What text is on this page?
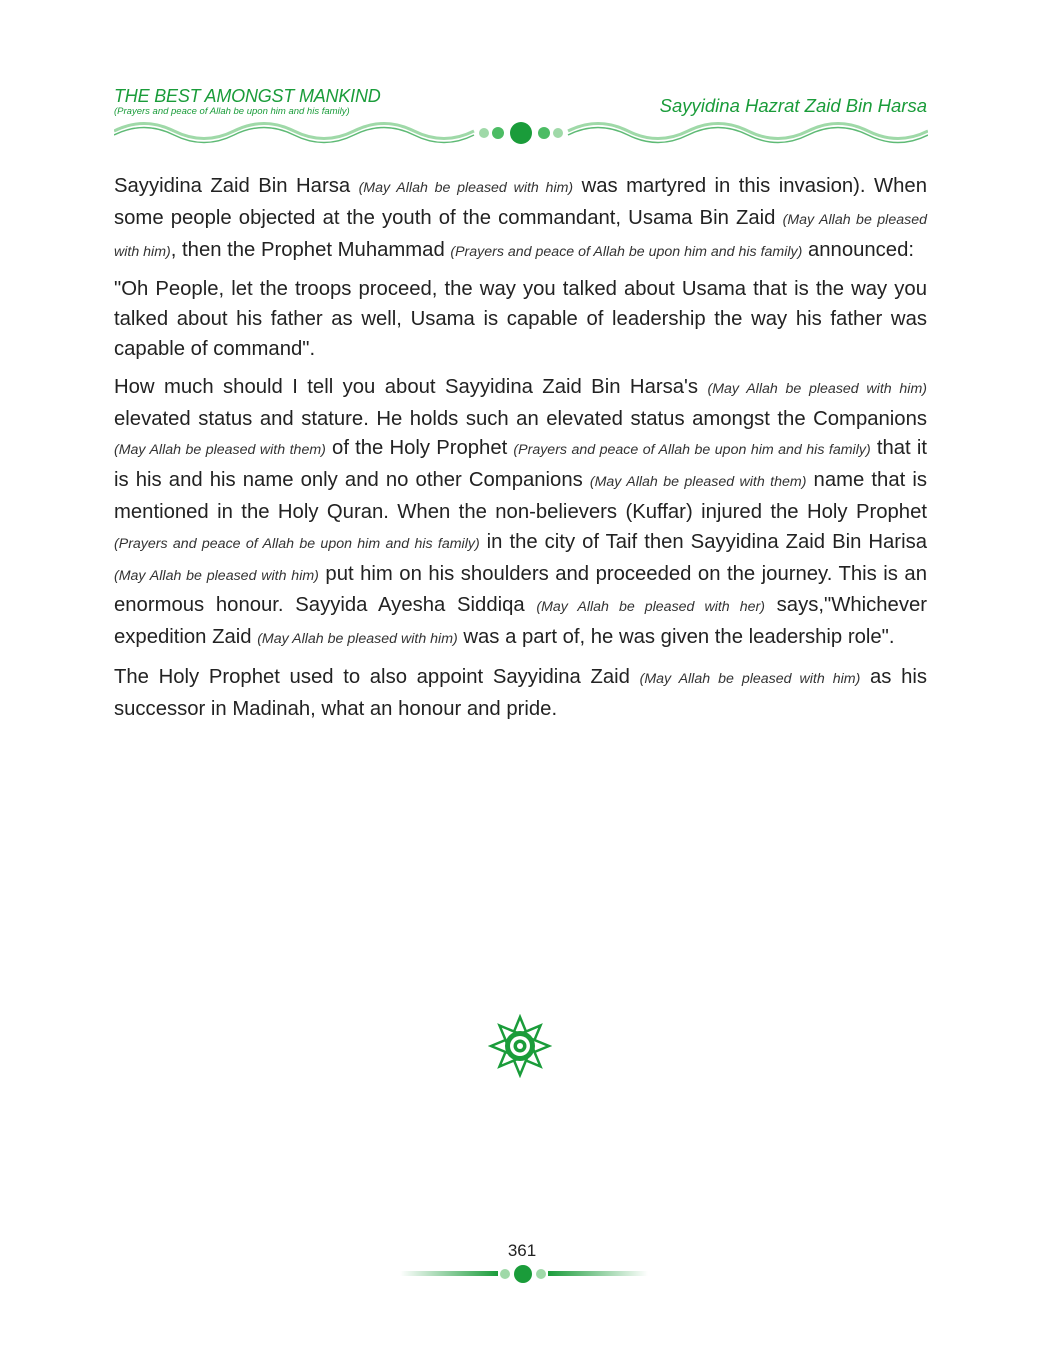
THE BEST AMONGST MANKIND
(Prayers and peace of Allah be upon him and his family)	Sayyidina Hazrat Zaid Bin Harsa

Sayyidina Zaid Bin Harsa (May Allah be pleased with him) was martyred in this invasion). When some people objected at the youth of the commandant, Usama Bin Zaid (May Allah be pleased with him), then the Prophet Muhammad (Prayers and peace of Allah be upon him and his family) announced:

"Oh People, let the troops proceed, the way you talked about Usama that is the way you talked about his father as well, Usama is capable of leadership the way his father was capable of command".

How much should I tell you about Sayyidina Zaid Bin Harsa's (May Allah be pleased with him) elevated status and stature. He holds such an elevated status amongst the Companions (May Allah be pleased with them) of the Holy Prophet (Prayers and peace of Allah be upon him and his family) that it is his and his name only and no other Companions (May Allah be pleased with them) name that is mentioned in the Holy Quran. When the non-believers (Kuffar) injured the Holy Prophet (Prayers and peace of Allah be upon him and his family) in the city of Taif then Sayyidina Zaid Bin Harisa (May Allah be pleased with him) put him on his shoulders and proceeded on the journey. This is an enormous honour. Sayyida Ayesha Siddiqa (May Allah be pleased with her) says,"Whichever expedition Zaid (May Allah be pleased with him) was a part of, he was given the leadership role".

The Holy Prophet used to also appoint Sayyidina Zaid (May Allah be pleased with him) as his successor in Madinah, what an honour and pride.

361
